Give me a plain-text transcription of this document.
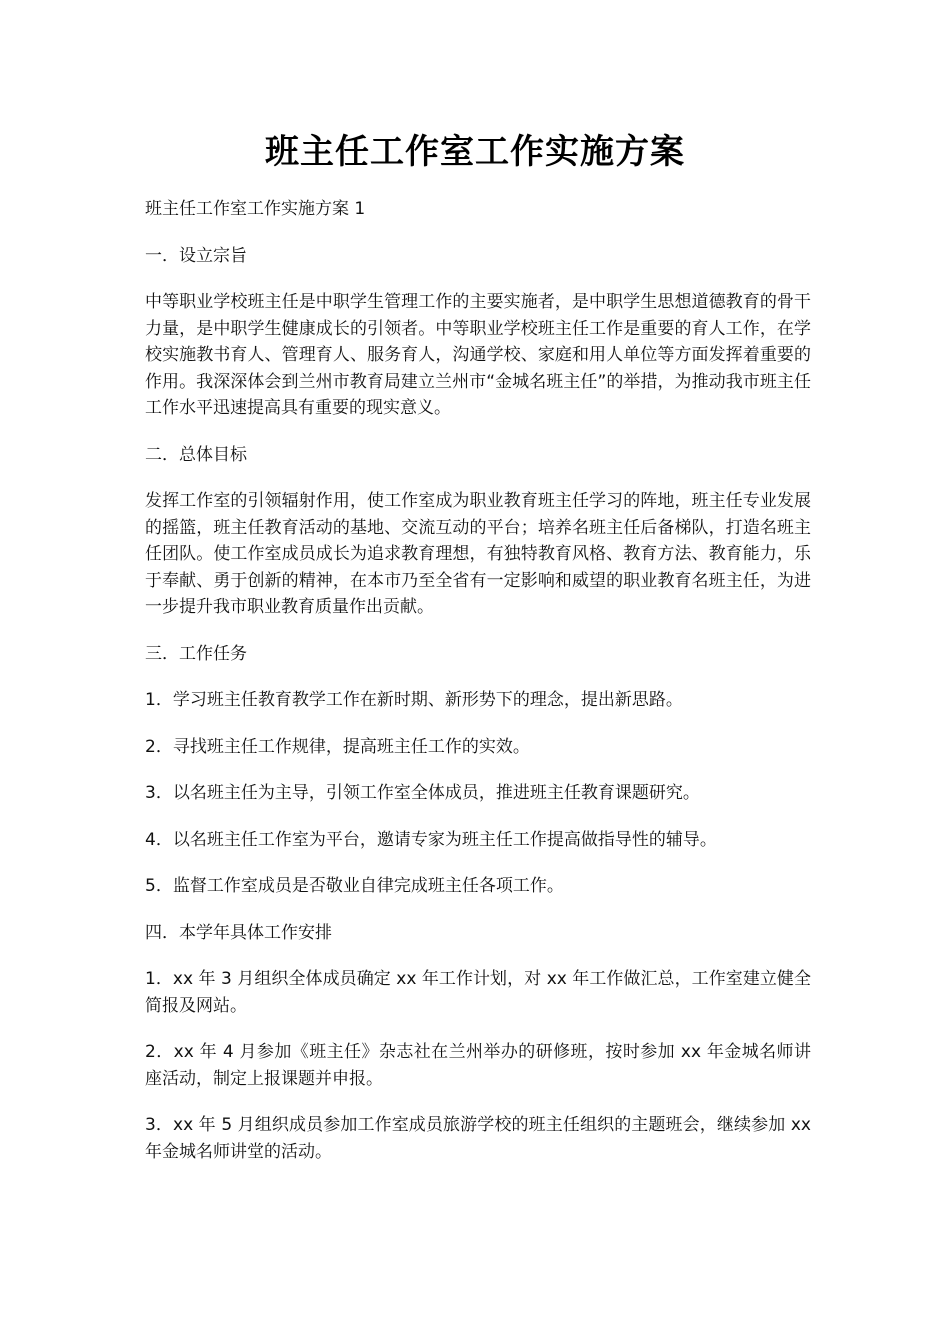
班主任工作室工作实施方案

班主任工作室工作实施方案 1

一．设立宗旨

中等职业学校班主任是中职学生管理工作的主要实施者，是中职学生思想道德教育的骨干力量，是中职学生健康成长的引领者。中等职业学校班主任工作是重要的育人工作，在学校实施教书育人、管理育人、服务育人，沟通学校、家庭和用人单位等方面发挥着重要的作用。我深深体会到兰州市教育局建立兰州市“金城名班主任”的举措，为推动我市班主任工作水平迅速提高具有重要的现实意义。

二．总体目标

发挥工作室的引领辐射作用，使工作室成为职业教育班主任学习的阵地，班主任专业发展的摇篮，班主任教育活动的基地、交流互动的平台；培养名班主任后备梯队，打造名班主任团队。使工作室成员成长为追求教育理想，有独特教育风格、教育方法、教育能力，乐于奉献、勇于创新的精神，在本市乃至全省有一定影响和威望的职业教育名班主任，为进一步提升我市职业教育质量作出贡献。

三．工作任务

1．学习班主任教育教学工作在新时期、新形势下的理念，提出新思路。

2．寻找班主任工作规律，提高班主任工作的实效。

3．以名班主任为主导，引领工作室全体成员，推进班主任教育课题研究。

4．以名班主任工作室为平台，邀请专家为班主任工作提高做指导性的辅导。

5．监督工作室成员是否敬业自律完成班主任各项工作。

四．本学年具体工作安排

1．xx 年 3 月组织全体成员确定 xx 年工作计划，对 xx 年工作做汇总，工作室建立健全简报及网站。

2．xx 年 4 月参加《班主任》杂志社在兰州举办的研修班，按时参加 xx 年金城名师讲座活动，制定上报课题并申报。

3．xx 年 5 月组织成员参加工作室成员旅游学校的班主任组织的主题班会，继续参加 xx 年金城名师讲堂的活动。
